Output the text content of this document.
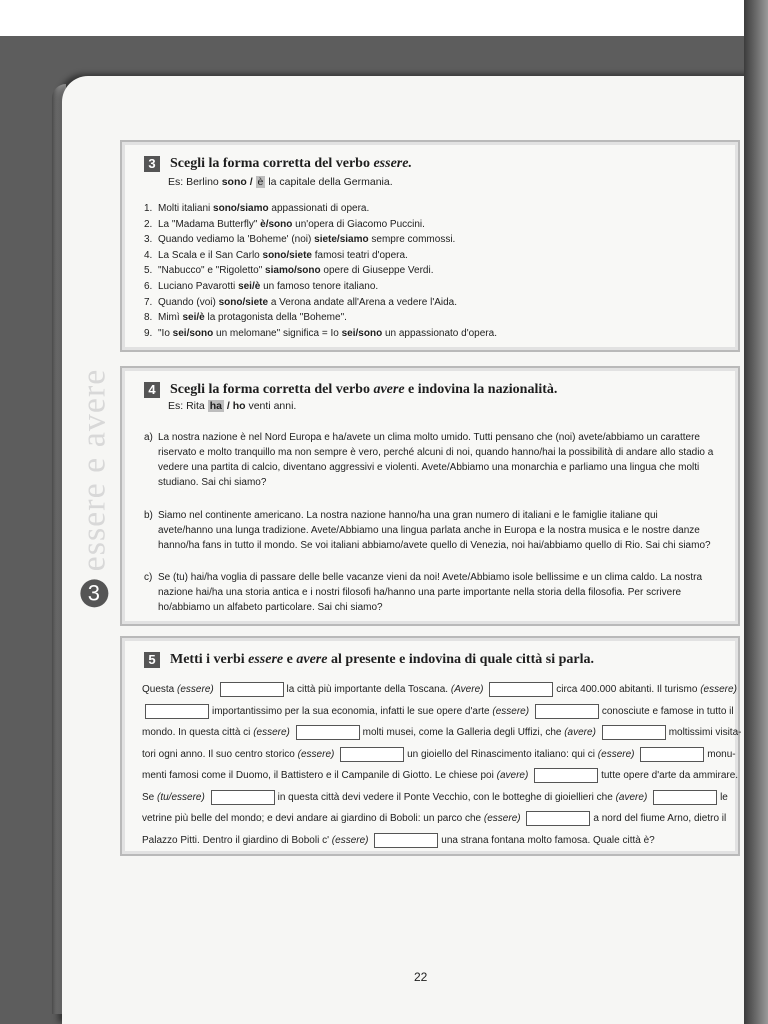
3
essere e avere
3	Scegli la forma corretta del verbo essere.
Es: Berlino sono / è la capitale della Germania.
1. Molti italiani sono/siamo appassionati di opera.
2. La "Madama Butterfly" è/sono un'opera di Giacomo Puccini.
3. Quando vediamo la 'Boheme' (noi) siete/siamo sempre commossi.
4. La Scala e il San Carlo sono/siete famosi teatri d'opera.
5. "Nabucco" e "Rigoletto" siamo/sono opere di Giuseppe Verdi.
6. Luciano Pavarotti sei/è un famoso tenore italiano.
7. Quando (voi) sono/siete a Verona andate all'Arena a vedere l'Aida.
8. Mimì sei/è la protagonista della "Boheme".
9. "Io sei/sono un melomane" significa = Io sei/sono un appassionato d'opera.
4	Scegli la forma corretta del verbo avere e indovina la nazionalità.
Es: Rita ha / ho venti anni.
a) La nostra nazione è nel Nord Europa e ha/avete un clima molto umido. Tutti pensano che (noi) avete/abbiamo un carattere riservato e molto tranquillo ma non sempre è vero, perché alcuni di noi, quando hanno/hai la possibilità di andare allo stadio a vedere una partita di calcio, diventano aggressivi e violenti. Avete/Abbiamo una monarchia e parliamo una lingua che molti studiano. Sai chi siamo?
b) Siamo nel continente americano. La nostra nazione hanno/ha una gran numero di italiani e le famiglie italiane qui avete/hanno una lunga tradizione. Avete/Abbiamo una lingua parlata anche in Europa e la nostra musica e le nostre danze hanno/ha fans in tutto il mondo. Se voi italiani abbiamo/avete quello di Venezia, noi hai/abbiamo quello di Rio. Sai chi siamo?
c) Se (tu) hai/ha voglia di passare delle belle vacanze vieni da noi! Avete/Abbiamo isole bellissime e un clima caldo. La nostra nazione hai/ha una storia antica e i nostri filosofi ha/hanno una parte importante nella storia della filosofia. Per scrivere ho/abbiamo un alfabeto particolare. Sai chi siamo?
5	Metti i verbi essere e avere al presente e indovina di quale città si parla.
Questa (essere)	la città più importante della Toscana. (Avere)	circa 400.000 abitanti. Il turismo (essere)
importantissimo per la sua economia, infatti le sue opere d'arte (essere)	conosciute e famose in tutto il
mondo. In questa città ci (essere)	molti musei, come la Galleria degli Uffizi, che (avere)	moltissimi visita-
tori ogni anno. Il suo centro storico (essere)	un gioiello del Rinascimento italiano: qui ci (essere)	monu-
menti famosi come il Duomo, il Battistero e il Campanile di Giotto. Le chiese poi (avere)	tutte opere d'arte da ammirare.
Se (tu/essere)	in questa città devi vedere il Ponte Vecchio, con le botteghe di gioiellieri che (avere)	le
vetrine più belle del mondo; e devi andare ai giardino di Boboli: un parco che (essere)	a nord del fiume Arno, dietro il
Palazzo Pitti. Dentro il giardino di Boboli c' (essere)	una strana fontana molto famosa. Quale città è?
22
